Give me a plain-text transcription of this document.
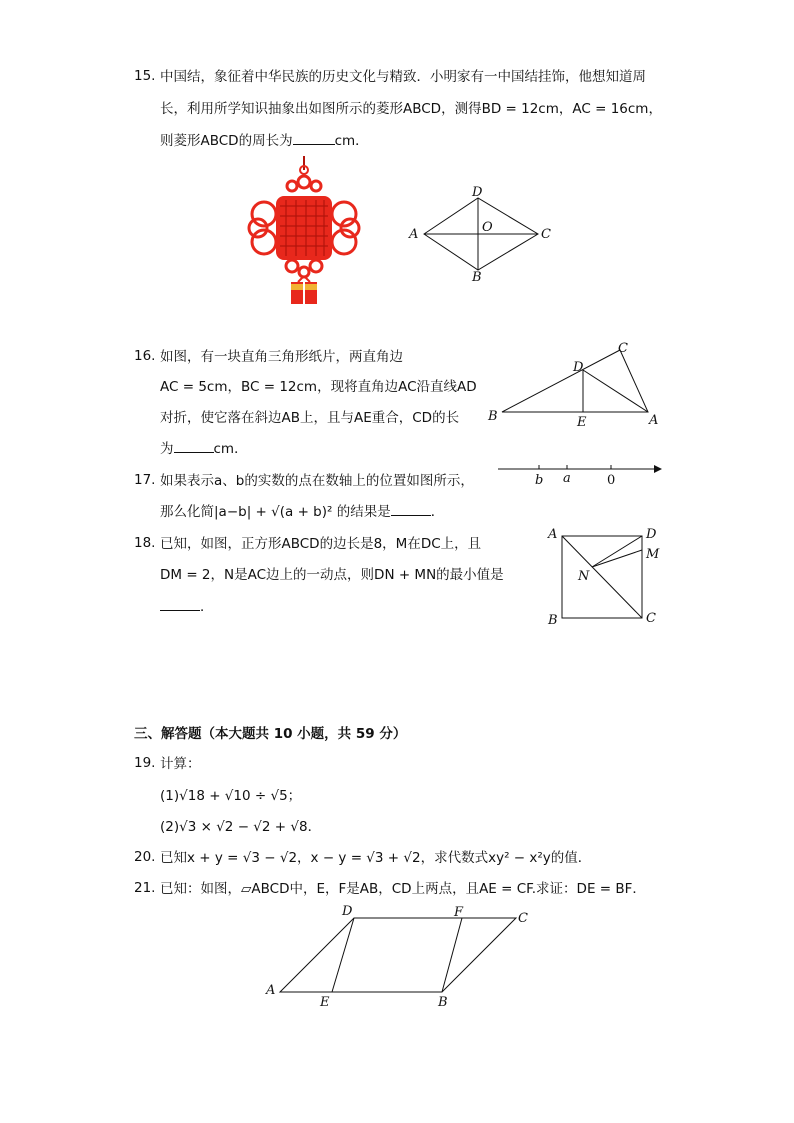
15. 中国结，象征着中华民族的历史文化与精致．小明家有一中国结挂饰，他想知道周
长，利用所学知识抽象出如图所示的菱形ABCD，测得BD = 12cm，AC = 16cm，
则菱形ABCD的周长为	cm．
A
D
C
B
O
16. 如图，有一块直角三角形纸片，两直角边
AC = 5cm，BC = 12cm，现将直角边AC沿直线AD
对折，使它落在斜边AB上，且与AE重合，CD的长
为	cm．
B
C
D
E	A
17. 如果表示a、b的实数的点在数轴上的位置如图所示，
那么化简|a−b| + √(a + b)² 的结果是	．
b a	0
18. 已知，如图，正方形ABCD的边长是8，M在DC上，且
DM = 2，N是AC边上的一动点，则DN + MN的最小值是
．
A	D
M
N
B	C
三、解答题（本大题共 10 小题，共 59 分）
19. 计算：
(1)√18 + √10 ÷ √5；
(2)√3 × √2 − √2 + √8．
20. 已知x + y = √3 − √2，x − y = √3 + √2，求代数式xy² − x²y的值．
21. 已知：如图，▱ABCD中，E，F是AB，CD上两点，且AE = CF.求证：DE = BF．
A
D	F	C
E	B
